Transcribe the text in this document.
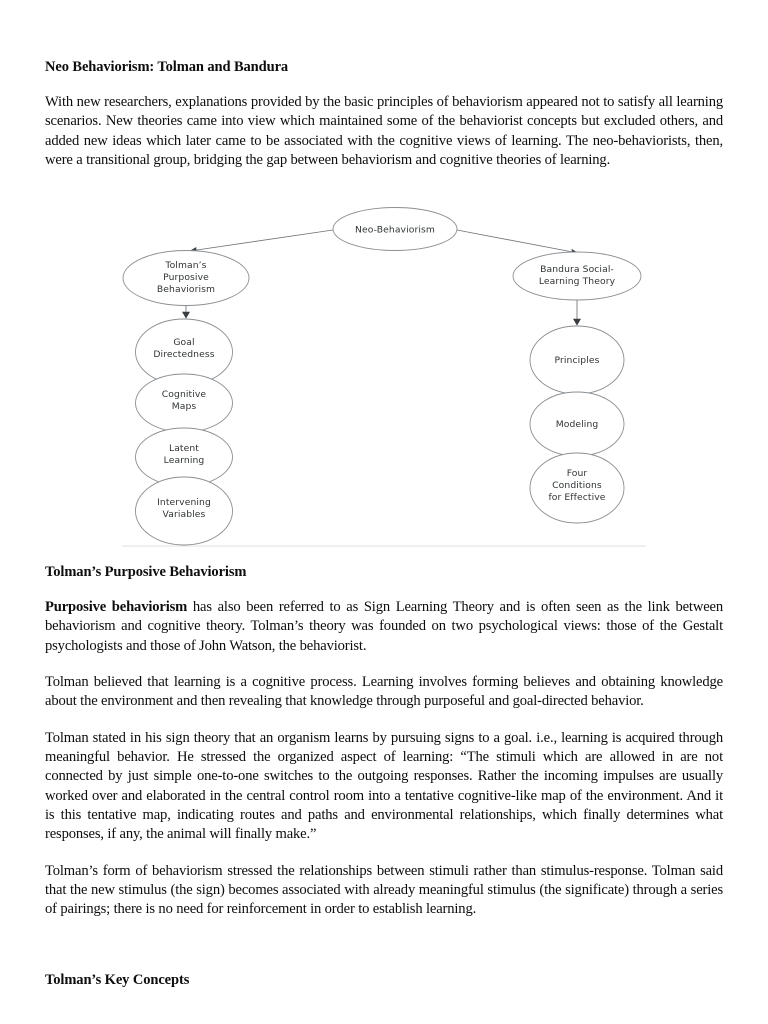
Neo Behaviorism: Tolman and Bandura

With new researchers, explanations provided by the basic principles of behaviorism appeared not to satisfy all learning scenarios. New theories came into view which maintained some of the behaviorist concepts but excluded others, and added new ideas which later came to be associated with the cognitive views of learning. The neo-behaviorists, then, were a transitional group, bridging the gap between behaviorism and cognitive theories of learning.

Neo-Behaviorism
Tolman’s
Purposive
Behaviorism
Bandura Social-
Learning Theory
Goal
Directedness
Cognitive
Maps
Latent
Learning
Intervening
Variables
Principles
Modeling
Four
Conditions
for Effective
Tolman’s Purposive Behaviorism

Purposive behaviorism has also been referred to as Sign Learning Theory and is often seen as the link between behaviorism and cognitive theory. Tolman’s theory was founded on two psychological views: those of the Gestalt psychologists and those of John Watson, the behaviorist.

Tolman believed that learning is a cognitive process. Learning involves forming believes and obtaining knowledge about the environment and then revealing that knowledge through purposeful and goal-directed behavior.

Tolman stated in his sign theory that an organism learns by pursuing signs to a goal. i.e., learning is acquired through meaningful behavior. He stressed the organized aspect of learning: “The stimuli which are allowed in are not connected by just simple one-to-one switches to the outgoing responses. Rather the incoming impulses are usually worked over and elaborated in the central control room into a tentative cognitive-like map of the environment. And it is this tentative map, indicating routes and paths and environmental relationships, which finally determines what responses, if any, the animal will finally make.”

Tolman’s form of behaviorism stressed the relationships between stimuli rather than stimulus-response. Tolman said that the new stimulus (the sign) becomes associated with already meaningful stimulus (the significate) through a series of pairings; there is no need for reinforcement in order to establish learning.

Tolman’s Key Concepts
